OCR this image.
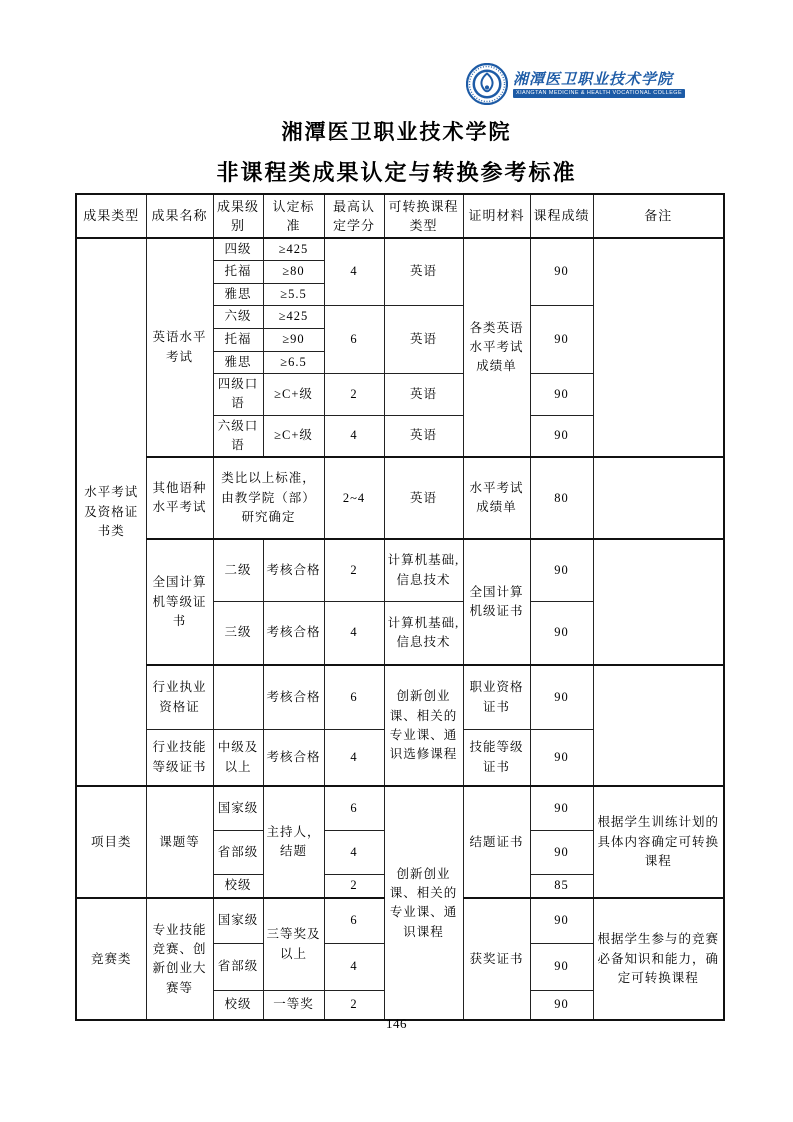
湘潭医卫职业技术学院
XIANGTAN MEDICINE & HEALTH VOCATIONAL COLLEGE
湘潭医卫职业技术学院
非课程类成果认定与转换参考标准
成果类型	成果名称	成果级别	认定标准	最高认定学分	可转换课程类型	证明材料	课程成绩	备注
水平考试及资格证书类	英语水平考试	四级	≥425	4	英语	各类英语水平考试成绩单	90	
		托福	≥80					
		雅思	≥5.5					
		六级	≥425	6	英语		90	
		托福	≥90					
		雅思	≥6.5					
		四级口语	≥C+级	2	英语		90	
		六级口语	≥C+级	4	英语		90	
	其他语种水平考试	类比以上标准，由教学院（部）研究确定		2~4	英语	水平考试成绩单	80	
	全国计算机等级证书	二级	考核合格	2	计算机基础,信息技术	全国计算机级证书	90	
		三级	考核合格	4	计算机基础,信息技术		90	
	行业执业资格证		考核合格	6	创新创业课、相关的专业课、通识选修课程	职业资格证书	90	
	行业技能等级证书	中级及以上	考核合格	4		技能等级证书	90	
项目类	课题等	国家级	主持人，结题	6	创新创业课、相关的专业课、通识课程	结题证书	90	根据学生训练计划的具体内容确定可转换课程
		省部级		4			90	
		校级		2			85	
竞赛类	专业技能竞赛、创新创业大赛等	国家级	三等奖及以上	6		获奖证书	90	根据学生参与的竞赛必备知识和能力，确定可转换课程
		省部级		4			90	
		校级	一等奖	2			90	
146
